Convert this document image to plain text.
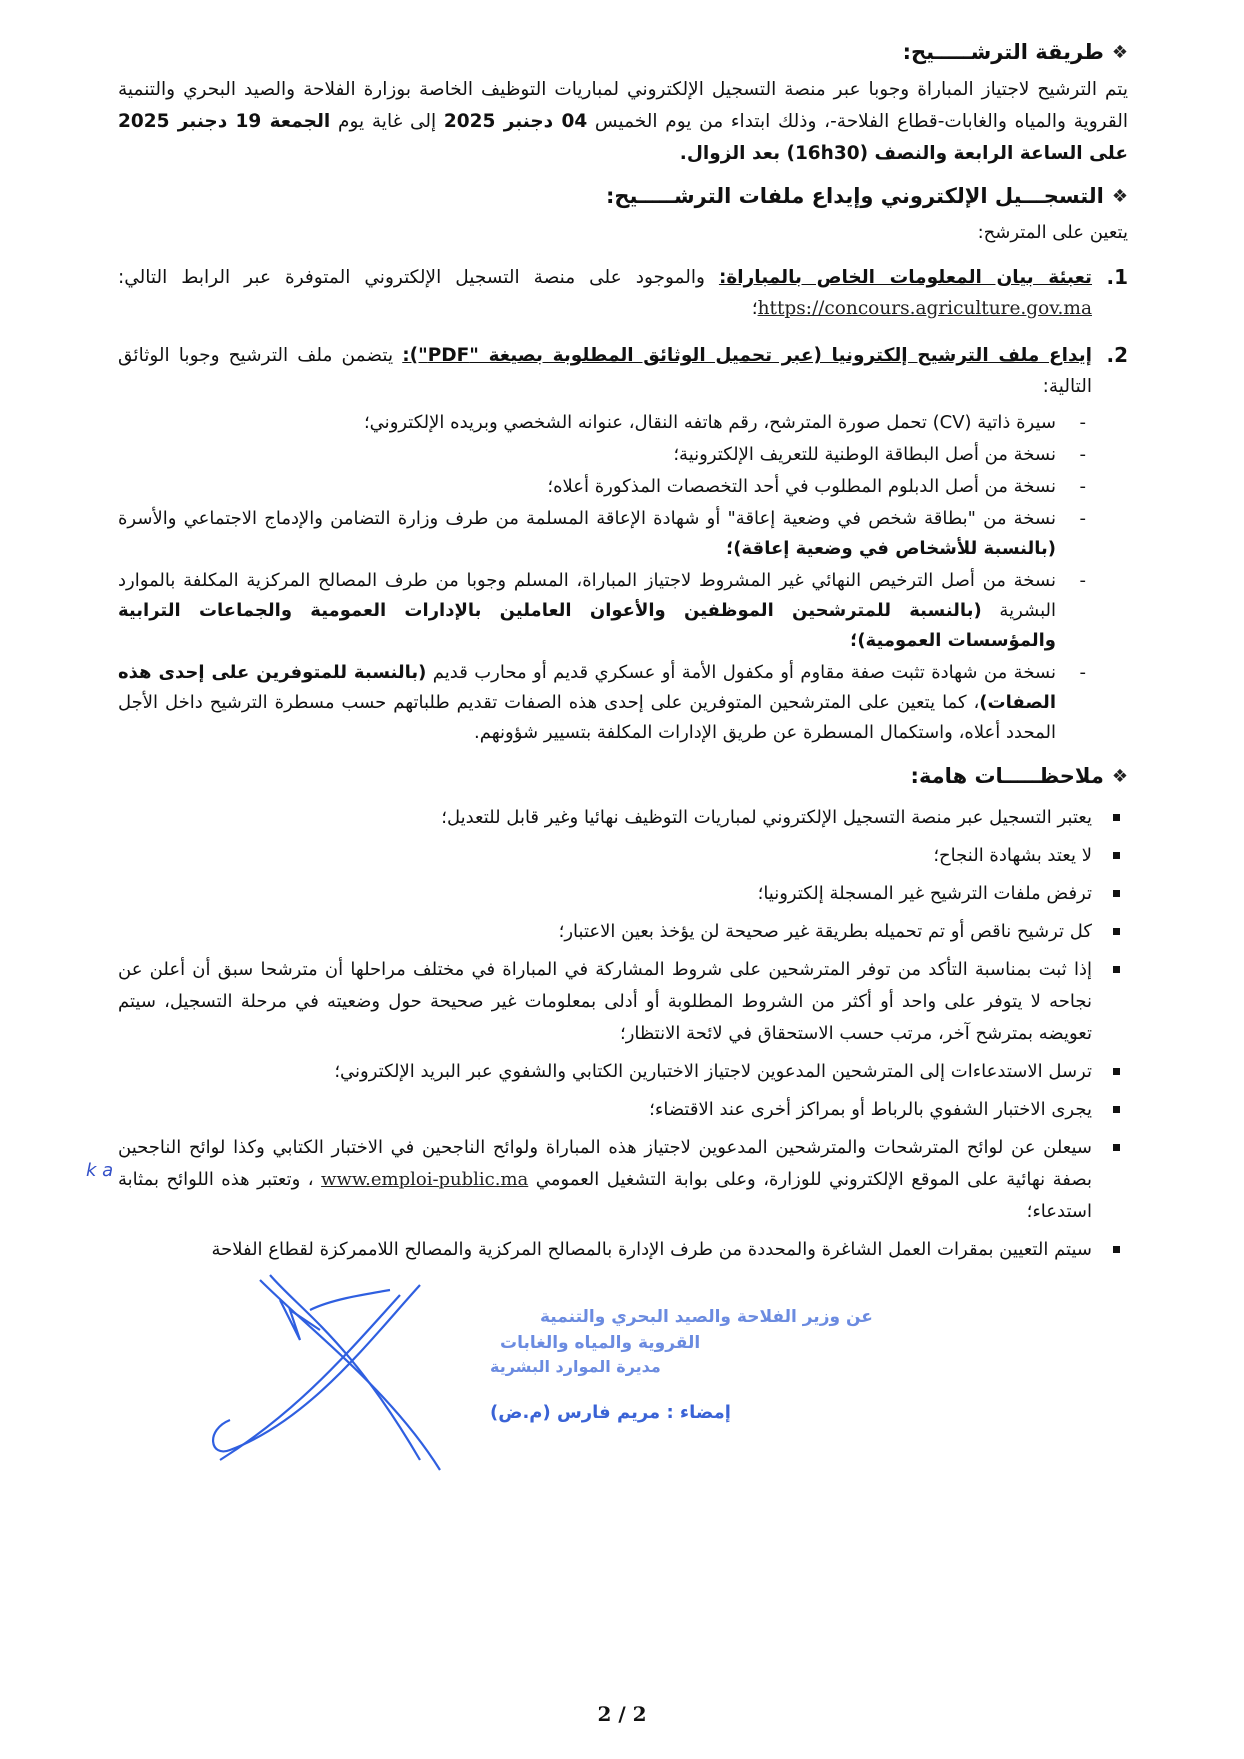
❖
طريقة الترشـــــيح:

يتم الترشيح لاجتياز المباراة وجوبا عبر منصة التسجيل الإلكتروني لمباريات التوظيف الخاصة بوزارة الفلاحة والصيد البحري والتنمية القروية والمياه والغابات-قطاع الفلاحة-، وذلك ابتداء من يوم الخميس 04 دجنبر 2025 إلى غاية يوم الجمعة 19 دجنبر 2025 على الساعة الرابعة والنصف (16h30) بعد الزوال.

❖
التسجـــيل الإلكتروني وإيداع ملفات الترشـــــيح:

يتعين على المترشح:

1.
تعبئة بيان المعلومات الخاص بالمباراة: والموجود على منصة التسجيل الإلكتروني المتوفرة عبر الرابط التالي: https://concours.agriculture.gov.ma؛
2.
إيداع ملف الترشيح إلكترونيا (عبر تحميل الوثائق المطلوبة بصيغة "PDF"): يتضمن ملف الترشيح وجوبا الوثائق التالية:
- سيرة ذاتية (CV) تحمل صورة المترشح، رقم هاتفه النقال، عنوانه الشخصي وبريده الإلكتروني؛
- نسخة من أصل البطاقة الوطنية للتعريف الإلكترونية؛
- نسخة من أصل الدبلوم المطلوب في أحد التخصصات المذكورة أعلاه؛
- نسخة من "بطاقة شخص في وضعية إعاقة" أو شهادة الإعاقة المسلمة من طرف وزارة التضامن والإدماج الاجتماعي والأسرة (بالنسبة للأشخاص في وضعية إعاقة)؛
- نسخة من أصل الترخيص النهائي غير المشروط لاجتياز المباراة، المسلم وجوبا من طرف المصالح المركزية المكلفة بالموارد البشرية (بالنسبة للمترشحين الموظفين والأعوان العاملين بالإدارات العمومية والجماعات الترابية والمؤسسات العمومية)؛
- نسخة من شهادة تثبت صفة مقاوم أو مكفول الأمة أو عسكري قديم أو محارب قديم (بالنسبة للمتوفرين على إحدى هذه الصفات)، كما يتعين على المترشحين المتوفرين على إحدى هذه الصفات تقديم طلباتهم حسب مسطرة الترشيح داخل الأجل المحدد أعلاه، واستكمال المسطرة عن طريق الإدارات المكلفة بتسيير شؤونهم.
❖
ملاحظـــــات هامة:
يعتبر التسجيل عبر منصة التسجيل الإلكتروني لمباريات التوظيف نهائيا وغير قابل للتعديل؛
لا يعتد بشهادة النجاح؛
ترفض ملفات الترشيح غير المسجلة إلكترونيا؛
كل ترشيح ناقص أو تم تحميله بطريقة غير صحيحة لن يؤخذ بعين الاعتبار؛
إذا ثبت بمناسبة التأكد من توفر المترشحين على شروط المشاركة في المباراة في مختلف مراحلها أن مترشحا سبق أن أعلن عن نجاحه لا يتوفر على واحد أو أكثر من الشروط المطلوبة أو أدلى بمعلومات غير صحيحة حول وضعيته في مرحلة التسجيل، سيتم تعويضه بمترشح آخر، مرتب حسب الاستحقاق في لائحة الانتظار؛
ترسل الاستدعاءات إلى المترشحين المدعوين لاجتياز الاختبارين الكتابي والشفوي عبر البريد الإلكتروني؛
يجرى الاختبار الشفوي بالرباط أو بمراكز أخرى عند الاقتضاء؛
سيعلن عن لوائح المترشحات والمترشحين المدعوين لاجتياز هذه المباراة ولوائح الناجحين في الاختبار الكتابي وكذا لوائح الناجحين بصفة نهائية على الموقع الإلكتروني للوزارة، وعلى بوابة التشغيل العمومي www.emploi-public.ma ، وتعتبر هذه اللوائح بمثابة استدعاء؛
سيتم التعيين بمقرات العمل الشاغرة والمحددة من طرف الإدارة بالمصالح المركزية والمصالح اللاممركزة لقطاع الفلاحة
k a
عن وزير الفلاحة والصيد البحري والتنمية
القروية والمياه والغابات
مديرة الموارد البشرية
إمضاء : مريم فارس (م.ض)
2 / 2
